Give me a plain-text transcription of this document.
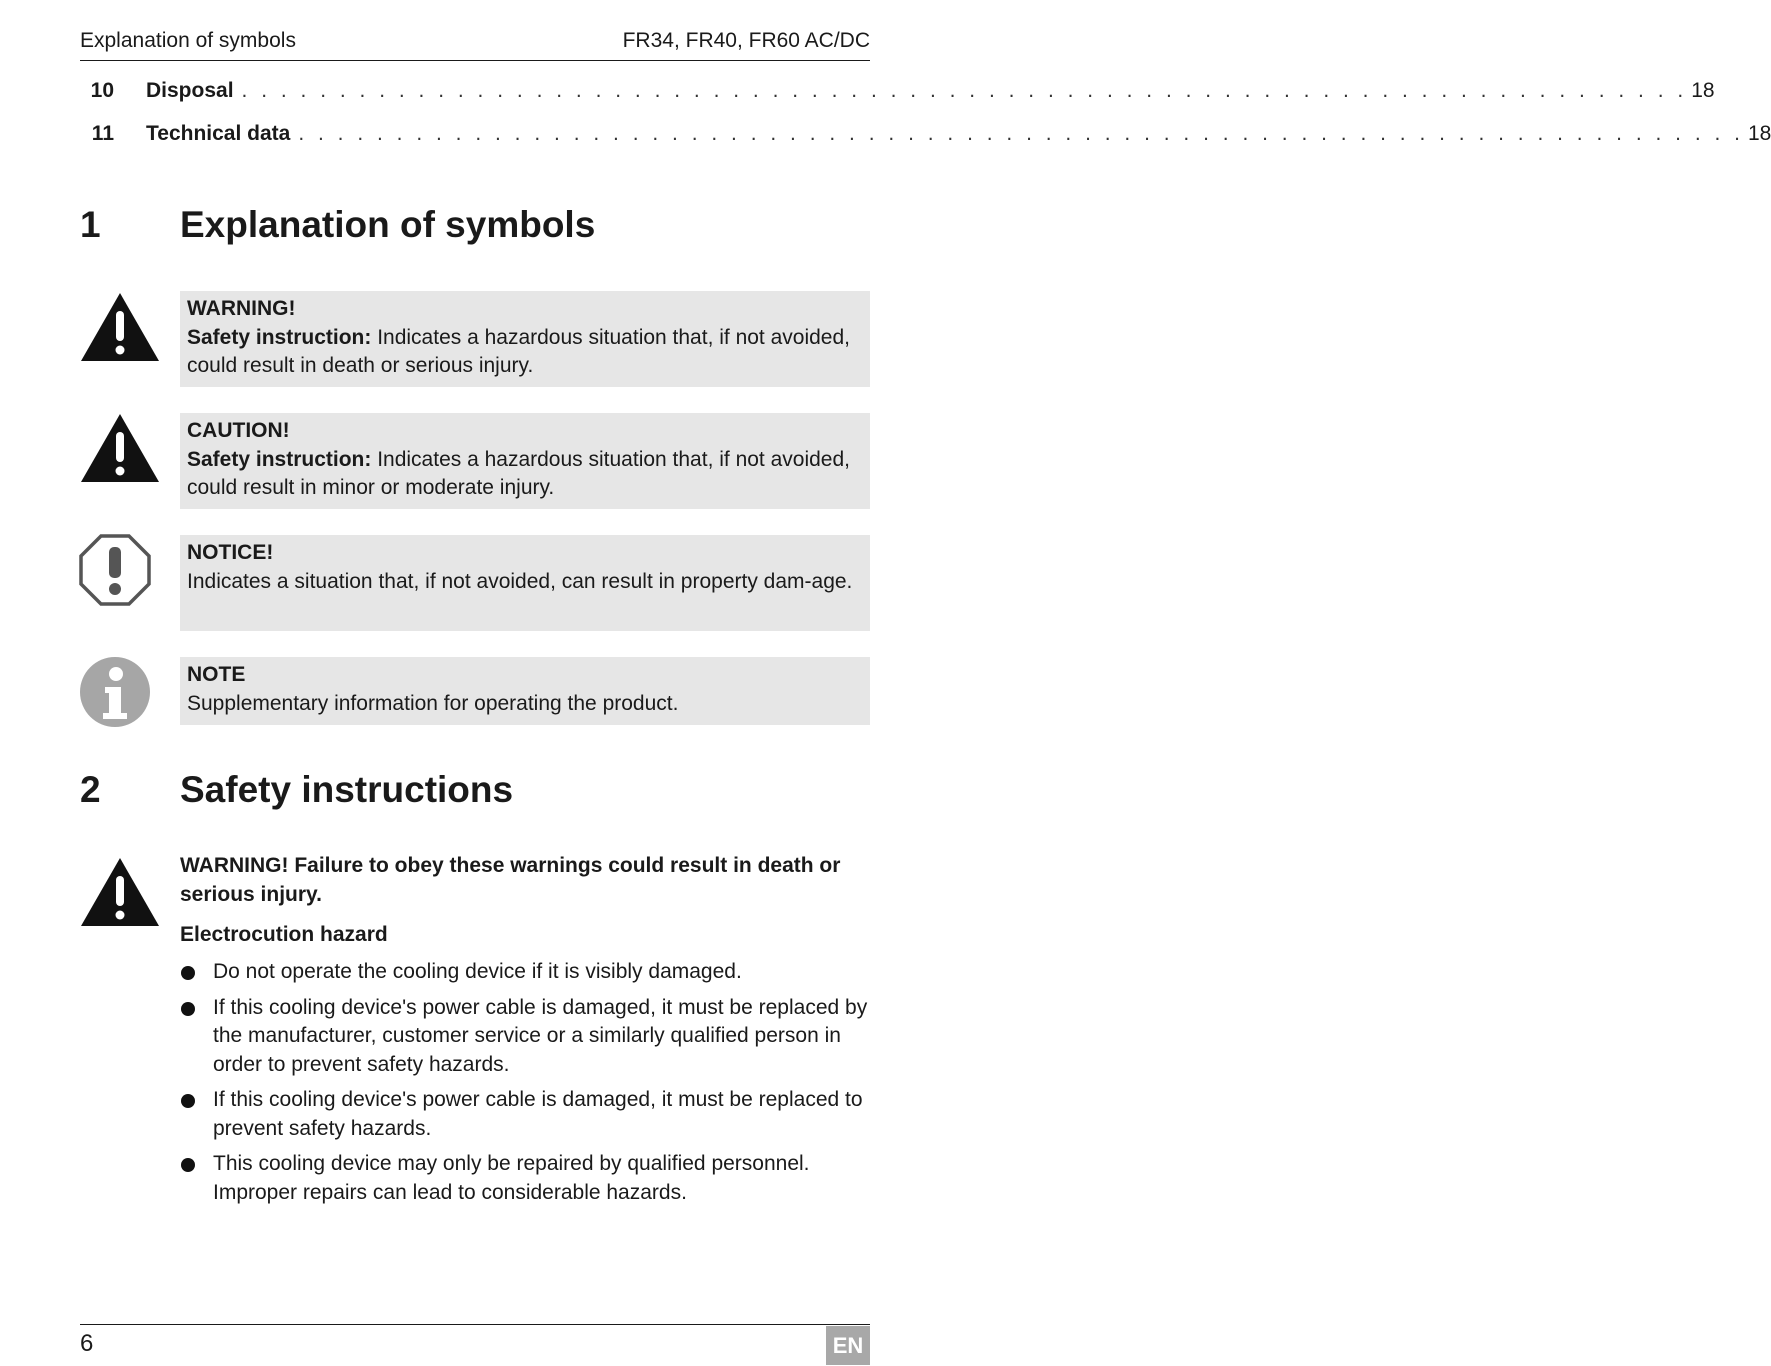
Explanation of symbols	FR34, FR40, FR60 AC/DC
10 Disposal . . . . . . . . . . . . . . . . . . . . . . . . . . . . . . . . . . . . . . . . . . . . . . . . . . . . . . . . . . . . . . . . . . . . . . . . . . 18
11 Technical data . . . . . . . . . . . . . . . . . . . . . . . . . . . . . . . . . . . . . . . . . . . . . . . . . . . . . . . . . . . . . . . . . . . . . . . . . . 18
1 Explanation of symbols
WARNING!
Safety instruction: Indicates a hazardous situation that, if not avoided, could result in death or serious injury.
CAUTION!
Safety instruction: Indicates a hazardous situation that, if not avoided, could result in minor or moderate injury.
NOTICE!
Indicates a situation that, if not avoided, can result in property dam-age.
NOTE
Supplementary information for operating the product.
2 Safety instructions
WARNING! Failure to obey these warnings could result in death or serious injury.
Electrocution hazard
Do not operate the cooling device if it is visibly damaged.
If this cooling device's power cable is damaged, it must be replaced by the manufacturer, customer service or a similarly qualified person in order to prevent safety hazards.
If this cooling device's power cable is damaged, it must be replaced to prevent safety hazards.
This cooling device may only be repaired by qualified personnel. Improper repairs can lead to considerable hazards.
6	EN
